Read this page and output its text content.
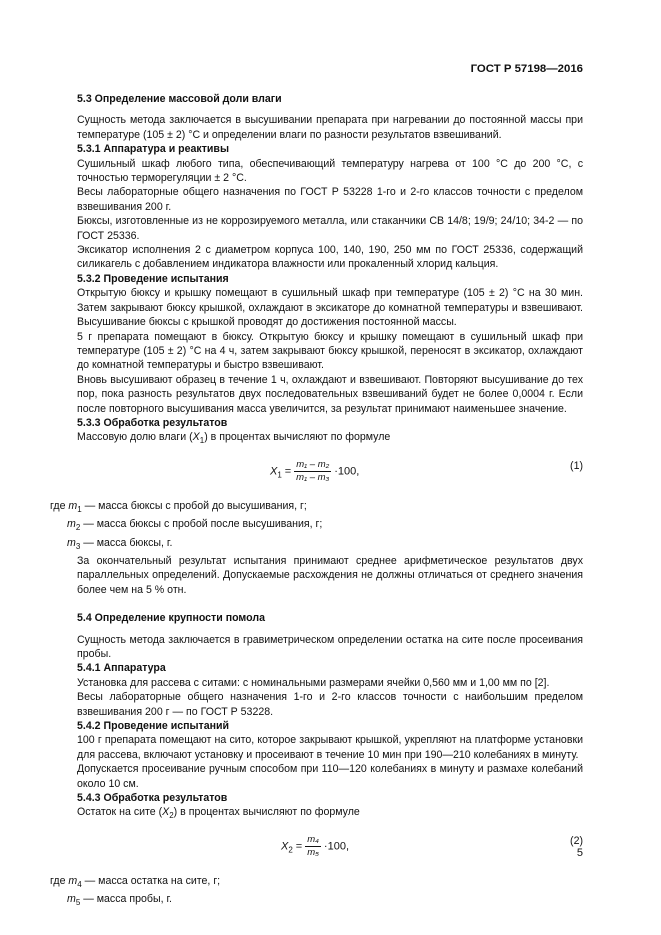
ГОСТ Р 57198—2016

5.3 Определение массовой доли влаги

Сущность метода заключается в высушивании препарата при нагревании до постоянной массы при температуре (105 ± 2) °С и определении влаги по разности результатов взвешиваний.

5.3.1 Аппаратура и реактивы

Сушильный шкаф любого типа, обеспечивающий температуру нагрева от 100 °С до 200 °С, с точностью терморегуляции ± 2 °С.

Весы лабораторные общего назначения по ГОСТ Р 53228 1-го и 2-го классов точности с пределом взвешивания 200 г.

Бюксы, изготовленные из не коррозируемого металла, или стаканчики СВ 14/8; 19/9; 24/10; 34-2 — по ГОСТ 25336.

Эксикатор исполнения 2 с диаметром корпуса 100, 140, 190, 250 мм по ГОСТ 25336, содержащий силикагель с добавлением индикатора влажности или прокаленный хлорид кальция.

5.3.2 Проведение испытания

Открытую бюксу и крышку помещают в сушильный шкаф при температуре (105 ± 2) °С на 30 мин. Затем закрывают бюксу крышкой, охлаждают в эксикаторе до комнатной температуры и взвешивают. Высушивание бюксы с крышкой проводят до достижения постоянной массы.

5 г препарата помещают в бюксу. Открытую бюксу и крышку помещают в сушильный шкаф при температуре (105 ± 2) °С на 4 ч, затем закрывают бюксу крышкой, переносят в эксикатор, охлаждают до комнатной температуры и быстро взвешивают.

Вновь высушивают образец в течение 1 ч, охлаждают и взвешивают. Повторяют высушивание до тех пор, пока разность результатов двух последовательных взвешиваний будет не более 0,0004 г. Если после повторного высушивания масса увеличится, за результат принимают наименьшее значение.

5.3.3 Обработка результатов

Массовую долю влаги $(X_1)$ в процентах вычисляют по формуле

$X_1 = \frac{\text{m₁ – m₂}}{\text{m₁ – m₃}} \cdot 100$,	(1)

где $m_1$ — масса бюксы с пробой до высушивания, г;

$m_2$ — масса бюксы с пробой после высушивания, г;

$m_3$ — масса бюксы, г.

За окончательный результат испытания принимают среднее арифметическое результатов двух параллельных определений. Допускаемые расхождения не должны отличаться от среднего значения более чем на 5 % отн.

5.4 Определение крупности помола

Сущность метода заключается в гравиметрическом определении остатка на сите после просеивания пробы.

5.4.1 Аппаратура

Установка для рассева с ситами: с номинальными размерами ячейки 0,560 мм и 1,00 мм по [2].

Весы лабораторные общего назначения 1-го и 2-го классов точности с наибольшим пределом взвешивания 200 г — по ГОСТ Р 53228.

5.4.2 Проведение испытаний

100 г препарата помещают на сито, которое закрывают крышкой, укрепляют на платформе установки для рассева, включают установку и просеивают в течение 10 мин при 190—210 колебаниях в минуту.

Допускается просеивание ручным способом при 110—120 колебаниях в минуту и размахе колебаний около 10 см.

5.4.3 Обработка результатов

Остаток на сите $(X_2)$ в процентах вычисляют по формуле

$X_2 = \frac{\text{m₄}}{\text{m₅}} \cdot 100$,	(2)

где $m_4$ — масса остатка на сите, г;

$m_5$ — масса пробы, г.

5
